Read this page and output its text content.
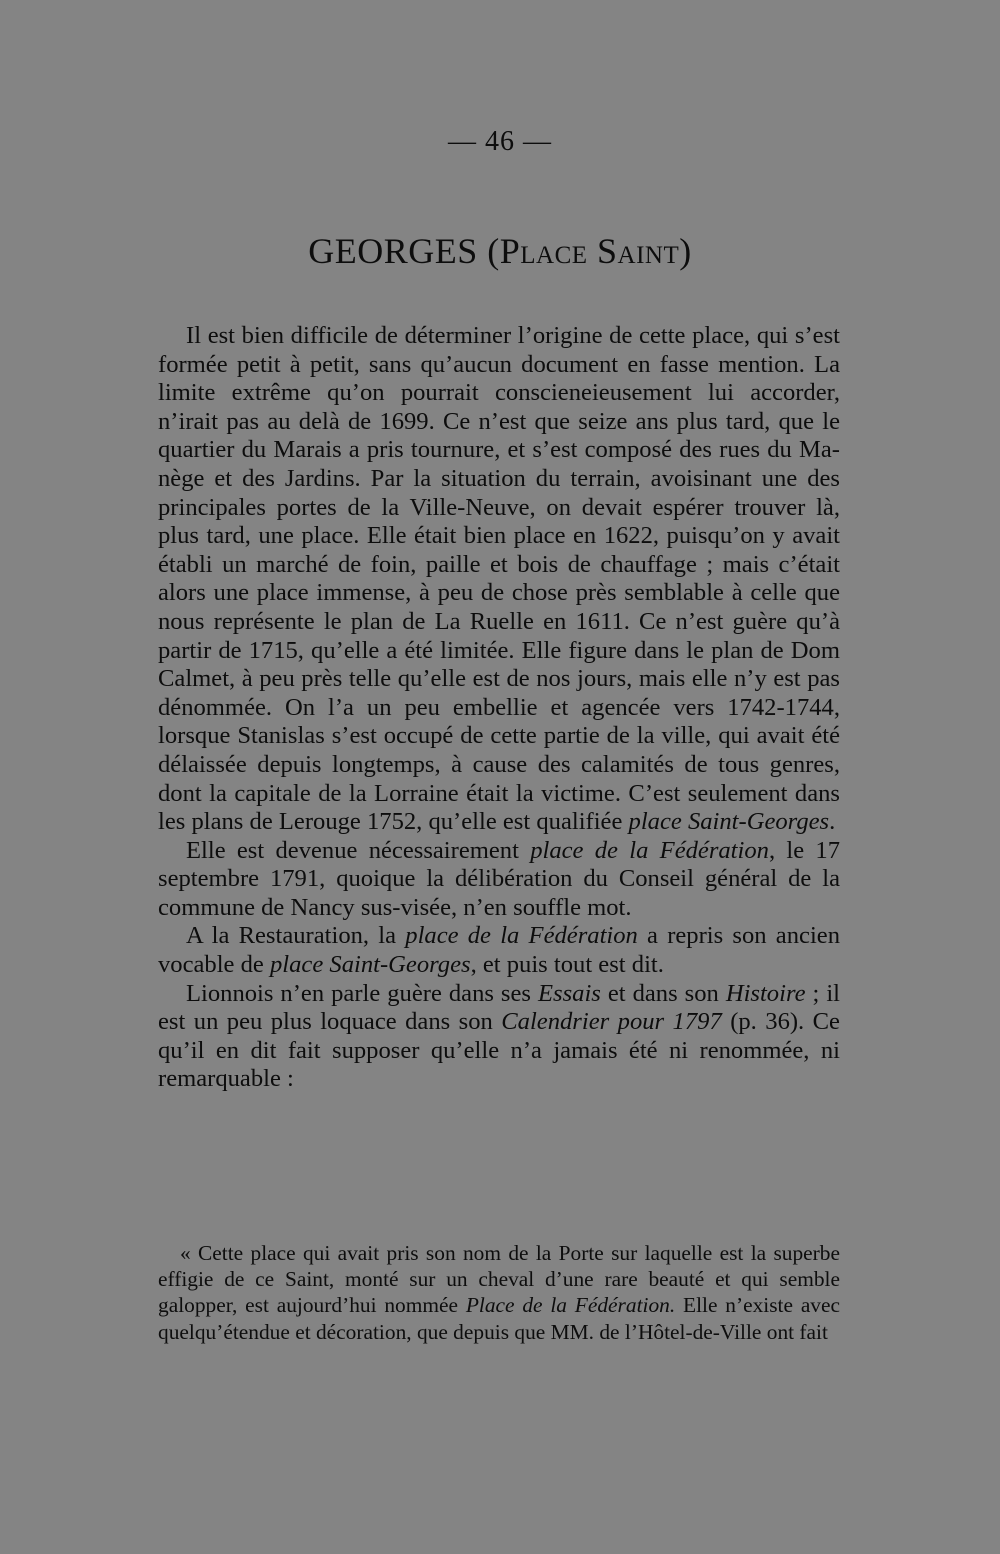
— 46 —
GEORGES (Place Saint)

Il est bien difficile de déterminer l’origine de cette place, qui s’est formée petit à petit, sans qu’aucun document en fasse mention. La limite extrême qu’on pourrait conscieneieusement lui accorder, n’irait pas au delà de 1699. Ce n’est que seize ans plus tard, que le quartier du Marais a pris tournure, et s’est composé des rues du Manège et des Jardins. Par la situation du terrain, avoisinant une des principales portes de la Ville-Neuve, on devait espérer trouver là, plus tard, une place. Elle était bien place en 1622, puisqu’on y avait établi un marché de foin, paille et bois de chauffage ; mais c’était alors une place immense, à peu de chose près semblable à celle que nous représente le plan de La Ruelle en 1611. Ce n’est guère qu’à partir de 1715, qu’elle a été limitée. Elle figure dans le plan de Dom Calmet, à peu près telle qu’elle est de nos jours, mais elle n’y est pas dénommée. On l’a un peu embellie et agencée vers 1742-1744, lorsque Stanislas s’est occupé de cette partie de la ville, qui avait été délaissée depuis longtemps, à cause des calamités de tous genres, dont la capitale de la Lorraine était la victime. C’est seulement dans les plans de Lerouge 1752, qu’elle est qualifiée place Saint-Georges.

Elle est devenue nécessairement place de la Fédération, le 17 septembre 1791, quoique la délibération du Conseil général de la commune de Nancy sus-visée, n’en souffle mot.

A la Restauration, la place de la Fédération a repris son ancien vocable de place Saint-Georges, et puis tout est dit.

Lionnois n’en parle guère dans ses Essais et dans son Histoire ; il est un peu plus loquace dans son Calendrier pour 1797 (p. 36). Ce qu’il en dit fait supposer qu’elle n’a jamais été ni renommée, ni remarquable :

« Cette place qui avait pris son nom de la Porte sur laquelle est la superbe effigie de ce Saint, monté sur un cheval d’une rare beauté et qui semble galopper, est aujourd’hui nommée Place de la Fédération. Elle n’existe avec quelqu’étendue et décoration, que depuis que MM. de l’Hôtel-de-Ville ont fait
